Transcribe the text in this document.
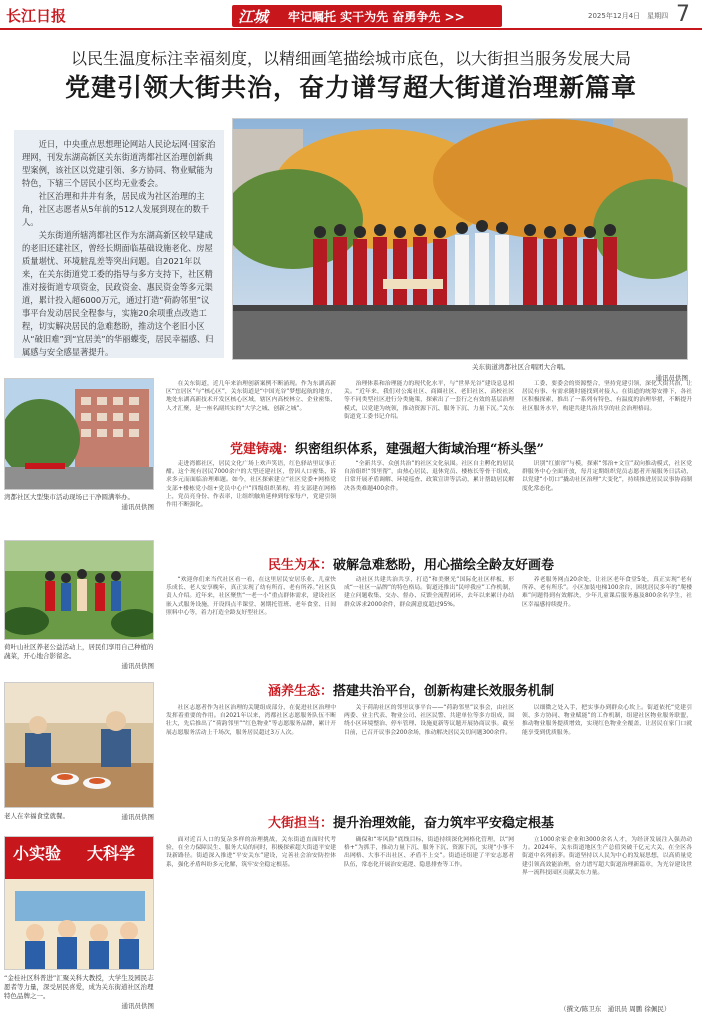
长江日报	江城 牢记嘱托 实干为先 奋勇争先 >>	2025年12月4日　星期四 7
以民生温度标注幸福刻度，以精细画笔描绘城市底色，以大街担当服务发展大局
党建引领大街共治，奋力谱写超大街道治理新篇章

近日，中央重点思想理论网站人民论坛网·国家治理网，刊发东湖高新区关东街道湾都社区治理创新典型案例，该社区以党建引领、多方协同、物业赋能为特色，下辖三个居民小区均无业委会。

社区治理和井井有条，居民成为社区治理的主角，社区志愿者从5年前的512人发展到现在的数千人。

关东街道所辖湾都社区作为东湖高新区较早建成的老旧还建社区，曾经长期面临基础设施老化、房屋质量堪忧、环境脏乱差等突出问题。自2021年以来，在关东街道党工委的指导与多方支持下，社区精准对接街道专项资金，民政资金、惠民资金等多元渠道，累计投入超6000万元，通过打造“荷韵邻里”议事平台发动居民全程参与，实施20余项重点改造工程，切实解决居民的急难愁盼，推动这个老旧小区从“破旧难”到“宜居美”的华丽蝶变，居民幸福感、归属感与安全感显著提升。

关东街道湾都社区合唱团大合唱。
通讯员供图
湾都社区大型集市活动现场已干净圆满举办。
通讯员供图
荷叶山社区养老公益活动上，居民们享用自己种植的蔬菜，开心地合影留念。
通讯员供图
老人在幸福食堂就餐。	通讯员供图
小实验 大科学
“金桂社区科普进”汇聚关科大教授，大学生及园民志愿者等力量，深受居民喜爱，成为关东街道社区治理特色品牌之一。
通讯员供图

在关东街道，近几年来治理创新案例不断涌现。作为东湖高新区“宜居区”与“核心区”，关东街道是“中国光谷”梦想起航的地方，地处东湖高新技术开发区核心区域，辖区内高校林立、企业密集、人才汇聚，是一座名副其实的“大学之城、创新之城”。

治理体系和治理能力的现代化水平，与“世界光谷”建设息息相关。“近年来，我们对公寓社区、商圈社区、老旧社区、高校社区等不同类型社区进行分类施策，探索出了一套行之有效的基层治理模式，以党建为统领，推动资源下沉、服务下沉、力量下沉。”关东街道党工委书记介绍。

工委、要委会的资源整合，坚持党建引领，深化大街共治，让居民有事、有需求随时能找到对接人。在街道的统筹安排下，各社区积极探索，推出了一系列有特色、有温度的治理举措，不断提升社区服务水平，构建共建共治共享的社会治理格局。

党建铸魂：织密组织体系，建强超大街域治理“桥头堡”

走进湾都社区，居民文化广场上欢声笑语，红色驿站里议事正酣。这个现有居民7000余户的大型还建社区，曾因人口密集、诉求多元而面临治理难题。如今，社区探索建立“社区党委+网格党支部+楼栋党小组+党员中心户”四级组织架构，将支部建在网格上，党员亮身份、作表率，让组织触角延伸到每家每户，党建引领作用不断强化。

“全新共享、众创共治”的社区文化氛围。社区自主孵化的居民自治组织“邻里帮”，由热心居民、退休党员、楼栋长等骨干组成，日常开展矛盾调解、环境巡查、政策宣讲等活动，累计帮助居民解决各类难题400余件。

识别“红旗帘”与模，探索“邻治+文宣”双向推动模式，社区党群服务中心全面开放，每月定期组织党员志愿者开展服务日活动，以党建“小切口”撬动社区治理“大变化”，持续推进居民议事协商制度化常态化。

民生为本：破解急难愁盼，用心描绘全龄友好画卷

“欢迎你们来当代社区看一看，在这里居民安居乐业、儿童快乐成长、老人安享晚年，真正实现了幼有所育、老有所养。”社区负责人介绍。近年来，社区聚焦“一老一小”重点群体需求，建设社区嵌入式服务设施，开设四点半课堂、暑期托管班、老年食堂、日间照料中心等，着力打造全龄友好型社区。

动社区共建共治共享，打造“和美聚光”国际化社区样板，形成“一社区一品牌”的特色格局。街道还推出“民呼我应”工作机制，建立问题收集、交办、督办、反馈全流程闭环，去年以来累计办结群众诉求2000余件，群众满意度超过95%。

养老服务网点20余处，让社区老年食堂5处，真正实现“老有所养、老有所乐”。小区加装电梯100余台，困扰居民多年的“爬楼难”问题得到有效解决，少年儿童课后服务惠及800余名学生，社区幸福感持续提升。

涵养生态：搭建共治平台，创新构建长效服务机制

社区志愿者作为社区治理的关键组成部分，在促进社区治理中发挥着重要的作用。自2021年以来，湾都社区志愿服务队伍不断壮大，先后推出了“荷韵邻里”“红色物业”等志愿服务品牌，累计开展志愿服务活动上千场次，服务居民超过3万人次。

关于荷韵社区的邻里议事平台——“荷韵邻里”议事会，由社区两委、业主代表、物业公司、社区民警、共建单位等多方组成，围绕小区环境整治、停车管理、设施更新等议题开展协商议事。截至目前，已召开议事会200余场，推动解决居民关切问题300余件。

以细微之处入手，把实事办到群众心坎上。街道依托“党建引领、多方协同、物业赋能”的工作机制，组建社区物业服务联盟，推动物业服务提质增效，实现红色物业全覆盖，让居民在家门口就能享受到优质服务。

大街担当：提升治理效能，奋力筑牢平安稳定根基

面对近百人口的复杂多样的治理挑战，关东街道直面时代考验，在全力保障民生、服务大局的同时，积极探索超大街道平安建设新路径。街道深入推进“平安关东”建设，完善社会治安防控体系，强化矛盾纠纷多元化解，筑牢安全稳定根基。

确保和“零风险”底线目标，街道持续深化网格化管理，以“网格+”为抓手，推动力量下沉、服务下沉、资源下沉，实现“小事不出网格、大事不出社区、矛盾不上交”。街道还组建了平安志愿者队伍，常态化开展治安巡逻、隐患排查等工作。

立1000余家企业和3000余名人才，为经济发展注入强劲动力。2024年，关东街道地区生产总值突破千亿元大关，在全区各街道中名列前茅。街道坚持以人民为中心的发展思想，以高质量党建引领高效能治理，奋力谱写超大街道治理新篇章，为光谷建设世界一流科技园区贡献关东力量。

（撰文/陈卫东　通讯员 周鹏 徐佩民）
